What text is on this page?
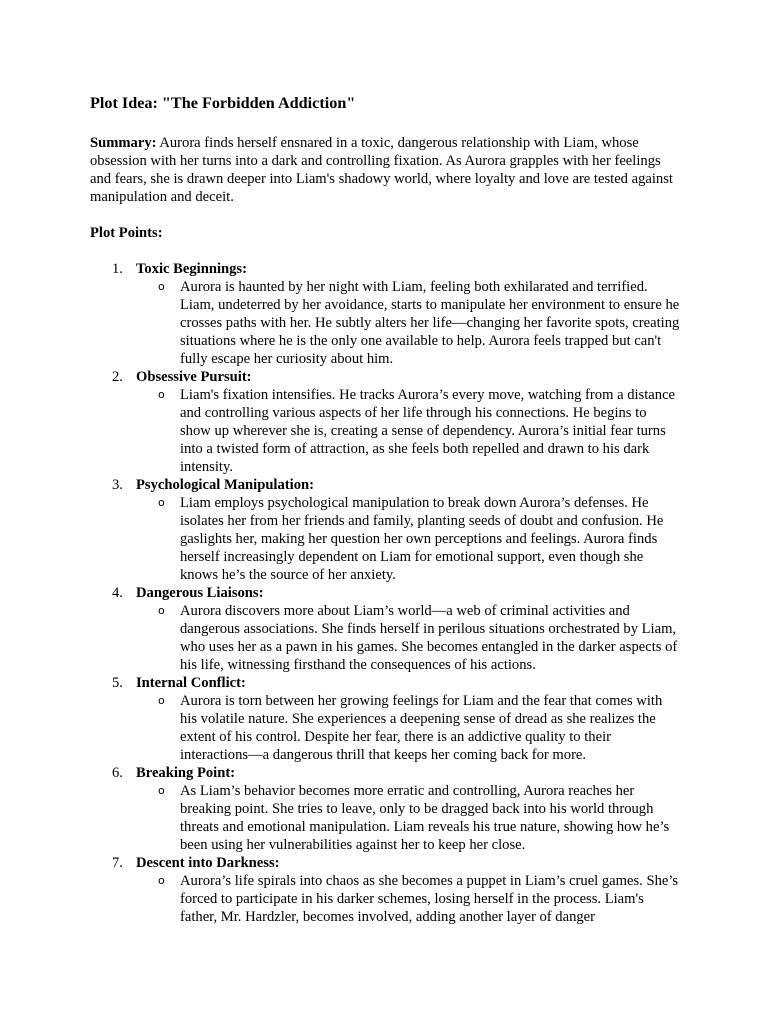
Plot Idea: "The Forbidden Addiction"
Summary: Aurora finds herself ensnared in a toxic, dangerous relationship with Liam, whose obsession with her turns into a dark and controlling fixation. As Aurora grapples with her feelings and fears, she is drawn deeper into Liam's shadowy world, where loyalty and love are tested against manipulation and deceit.
Plot Points:
1. Toxic Beginnings:
o Aurora is haunted by her night with Liam, feeling both exhilarated and terrified. Liam, undeterred by her avoidance, starts to manipulate her environment to ensure he crosses paths with her. He subtly alters her life—changing her favorite spots, creating situations where he is the only one available to help. Aurora feels trapped but can't fully escape her curiosity about him.
2. Obsessive Pursuit:
o Liam's fixation intensifies. He tracks Aurora’s every move, watching from a distance and controlling various aspects of her life through his connections. He begins to show up wherever she is, creating a sense of dependency. Aurora’s initial fear turns into a twisted form of attraction, as she feels both repelled and drawn to his dark intensity.
3. Psychological Manipulation:
o Liam employs psychological manipulation to break down Aurora’s defenses. He isolates her from her friends and family, planting seeds of doubt and confusion. He gaslights her, making her question her own perceptions and feelings. Aurora finds herself increasingly dependent on Liam for emotional support, even though she knows he’s the source of her anxiety.
4. Dangerous Liaisons:
o Aurora discovers more about Liam’s world—a web of criminal activities and dangerous associations. She finds herself in perilous situations orchestrated by Liam, who uses her as a pawn in his games. She becomes entangled in the darker aspects of his life, witnessing firsthand the consequences of his actions.
5. Internal Conflict:
o Aurora is torn between her growing feelings for Liam and the fear that comes with his volatile nature. She experiences a deepening sense of dread as she realizes the extent of his control. Despite her fear, there is an addictive quality to their interactions—a dangerous thrill that keeps her coming back for more.
6. Breaking Point:
o As Liam’s behavior becomes more erratic and controlling, Aurora reaches her breaking point. She tries to leave, only to be dragged back into his world through threats and emotional manipulation. Liam reveals his true nature, showing how he’s been using her vulnerabilities against her to keep her close.
7. Descent into Darkness:
o Aurora’s life spirals into chaos as she becomes a puppet in Liam’s cruel games. She’s forced to participate in his darker schemes, losing herself in the process. Liam's father, Mr. Hardzler, becomes involved, adding another layer of danger
